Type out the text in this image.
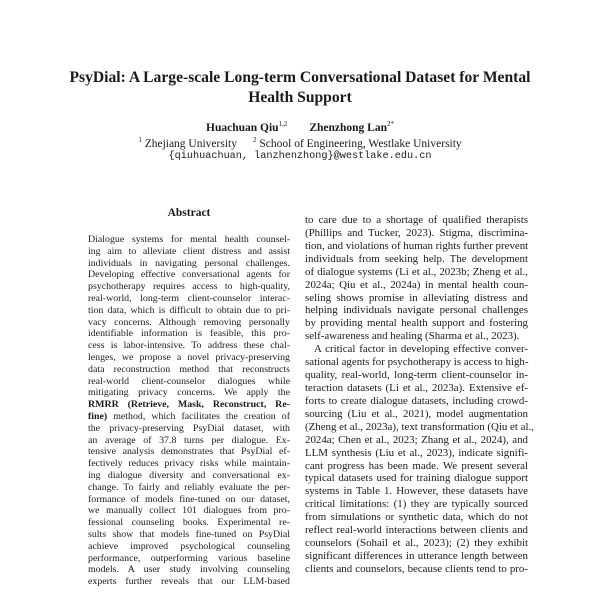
PsyDial: A Large-scale Long-term Conversational Dataset for Mental
Health Support
Huachuan Qiu$^{1,2}$ Zhenzhong Lan$^{2*}$
$^1$ Zhejiang University $^2$ School of Engineering, Westlake University
{qiuhuachuan, lanzhenzhong}@westlake.edu.cn
Abstract
Dialogue systems for mental health counsel-
ing aim to alleviate client distress and assist
individuals in navigating personal challenges.
Developing effective conversational agents for
psychotherapy requires access to high-quality,
real-world, long-term client-counselor interac-
tion data, which is difficult to obtain due to pri-
vacy concerns. Although removing personally
identifiable information is feasible, this pro-
cess is labor-intensive. To address these chal-
lenges, we propose a novel privacy-preserving
data reconstruction method that reconstructs
real-world client-counselor dialogues while
mitigating privacy concerns. We apply the
RMRR (Retrieve, Mask, Reconstruct, Re-
fine) method, which facilitates the creation of
the privacy-preserving PsyDial dataset, with
an average of 37.8 turns per dialogue. Ex-
tensive analysis demonstrates that PsyDial ef-
fectively reduces privacy risks while maintain-
ing dialogue diversity and conversational ex-
change. To fairly and reliably evaluate the per-
formance of models fine-tuned on our dataset,
we manually collect 101 dialogues from pro-
fessional counseling books. Experimental re-
sults show that models fine-tuned on PsyDial
achieve improved psychological counseling
performance, outperforming various baseline
models. A user study involving counseling
experts further reveals that our LLM-based
to care due to a shortage of qualified therapists
(Phillips and Tucker, 2023). Stigma, discrimina-
tion, and violations of human rights further prevent
individuals from seeking help. The development
of dialogue systems (Li et al., 2023b; Zheng et al.,
2024a; Qiu et al., 2024a) in mental health coun-
seling shows promise in alleviating distress and
helping individuals navigate personal challenges
by providing mental health support and fostering
self-awareness and healing (Sharma et al., 2023).
A critical factor in developing effective conver-
sational agents for psychotherapy is access to high-
quality, real-world, long-term client-counselor in-
teraction datasets (Li et al., 2023a). Extensive ef-
forts to create dialogue datasets, including crowd-
sourcing (Liu et al., 2021), model augmentation
(Zheng et al., 2023a), text transformation (Qiu et al.,
2024a; Chen et al., 2023; Zhang et al., 2024), and
LLM synthesis (Liu et al., 2023), indicate signifi-
cant progress has been made. We present several
typical datasets used for training dialogue support
systems in Table 1. However, these datasets have
critical limitations: (1) they are typically sourced
from simulations or synthetic data, which do not
reflect real-world interactions between clients and
counselors (Sohail et al., 2023); (2) they exhibit
significant differences in utterance length between
clients and counselors, because clients tend to pro-
